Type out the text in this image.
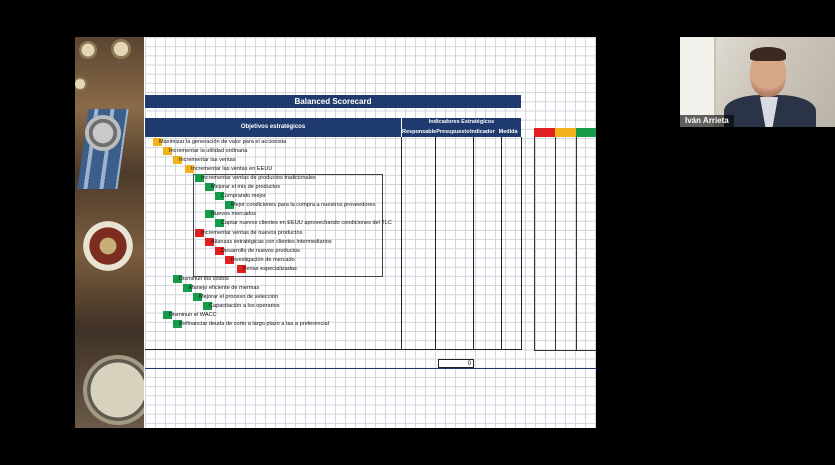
Balanced Scorecard
Objetivos estratégicos
Indicadores Estratégicos
Responsable Presupuesto Indicador Medida
Maximizar la generación de valor para el accionista
Incrementar la utilidad ordinaria
Incrementar las ventas
Incrementar las ventas en EEUU
Incrementar ventas de productos tradicionales
Mejorar el mix de productos
Comprando mejor
Mejor condiciones para la compra a nuestros proveedores
Nuevos mercados
Captar nuevos clientes en EEUU aprovechando condiciones del TLC
Incrementar ventas de nuevos productos
Alianzas estratégicas con clientes intermediarios
Desarrollo de nuevos productos
Investigación de mercado
Ferias especializadas
Disminuir los costos
Manejo eficiente de mermas
Mejorar el proceso de selección
Capacitación a los operarios
Disminuir el WACC
Refinanciar deuda de corto a largo plazo a tas a preferencial
0
Iván Arrieta
